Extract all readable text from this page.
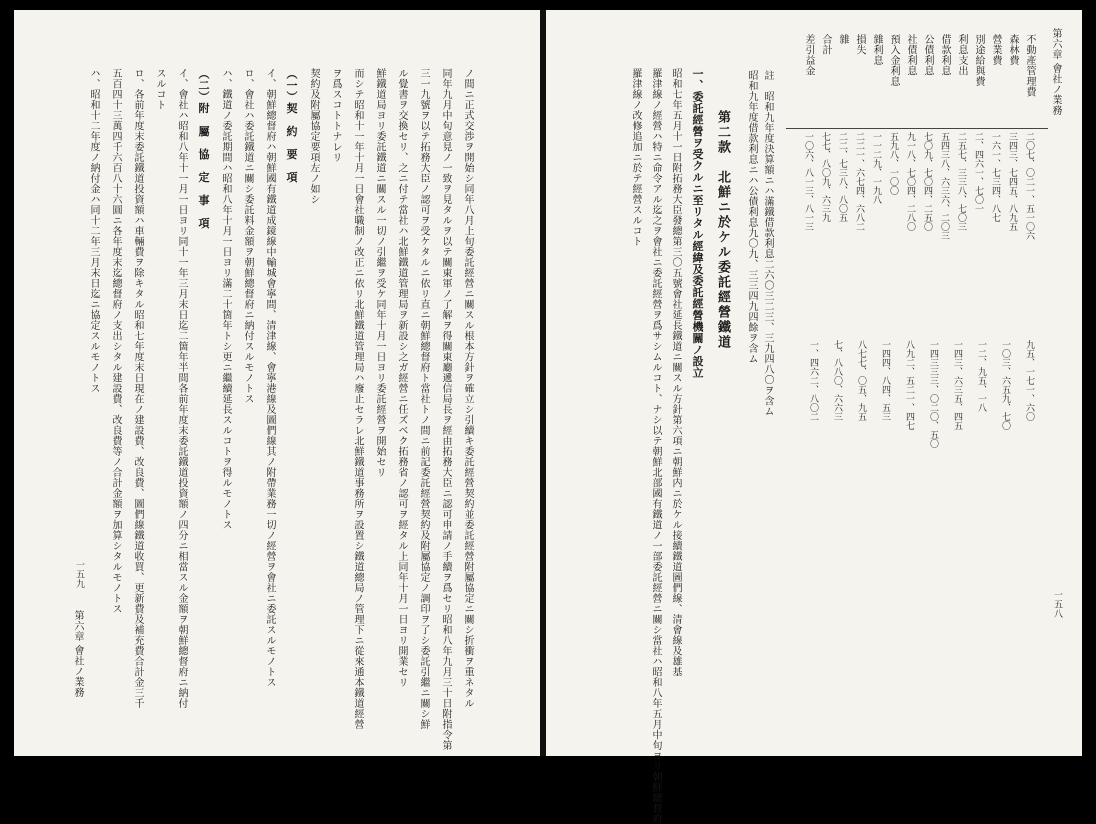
ノ間ニ正式交渉ヲ開始シ同年八月上旬委託經營ニ關スル根本方針ヲ確立シ引續キ委託經營契約並委託經營附屬協定ニ關シ折衝ヲ重ネタル
同年九月中旬意見ノ一致ヲ見タルヲ以テ關東軍ノ了解ヲ得關東廳遞信局長ヲ經由拓務大臣ニ認可申請ノ手續ヲ爲セリ昭和八年九月三十日附指令第
三一九號ヲ以テ拓務大臣ノ認可ヲ受ケタルニ依リ直ニ朝鮮總督府ト當社トノ間ニ前記委託經營契約及附屬協定ノ調印ヲ了シ委託引繼ニ關シ鮮
ル覺書ヲ交換セリ、之ニ付テ當社ハ北鮮鐵道管理局ヲ新設シ之ガ經營ニ任ズベク拓務省ノ認可ヲ經タル上同年十月一日ヨリ開業セリ
鮮鐵道局ヨリ委託鐵道ニ關スル一切ノ引繼ヲ受ケ同年十月一日ヨリ委託經營ヲ開始セリ
而シテ昭和十一年十月一日會社職制ノ改正ニ依リ北鮮鐵道管理局ハ廢止セラレ北鮮鐵道事務所ヲ設置シ鐵道總局ノ管理下ニ從來通本鐵道經營
ヲ爲スコトトナレリ
契約及附屬協定要項左ノ如シ
（一）契　約　要　項
イ、朝鮮總督府ハ朝鮮國有鐵道成鏡線中輸城會寧間、清津線、會寧港線及圖們線其ノ附帶業務一切ノ經營ヲ會社ニ委託スルモノトス
ロ、會社ハ委託鐵道ニ關シ委託料金額ヲ朝鮮總督府ニ納付スルモノトス
ハ、鐵道ノ委託期間ハ昭和八年十月一日ヨリ滿二十箇年トシ更ニ繼續延長スルコトヲ得ルモノトス
（二）附　屬　協　定　事　項
イ、會社ハ昭和八年十一月一日ヨリ同十一年三月末日迄二箇年半間各前年度末委託鐵道投資額ノ四分ニ相當スル金額ヲ朝鮮總督府ニ納付
スルコト
ロ、各前年度末委託鐵道投資額ハ車輛費ヲ除キタル昭和七年度末日現在ノ建設費、改良費、圖們線鐵道收買、更新費及補充費合計金三千
五百四十三萬四千六百八十六圓ニ各年度末迄總督府ノ支出シタル建設費、改良費等ノ合計金額ヲ加算シタルモノトス
ハ、昭和十二年度ノ納付金ハ同十二年三月末日迄ニ協定スルモノトス
第六章 會社ノ業務
一五九
第六章 會社ノ業務
一五八
不動產管理費
二〇七、〇二一、五一〇六
森林費
三四三、七四五、八九五
營業費
一六一、七三四、八七
別途給與費
二、四六一、七〇一
利息支出
二五七、三三八、七〇三
借款利息
五四三八、六三六、二〇三
公債利息
七〇九、七〇四、二五〇
社債利息
九一八、七〇四、二八〇
預入金利息
五九八、一〇〇
雜利息
一一二九、一九八
損失
二二一、六七四、六八二
雜
二二、七三八、八〇五
合計
七七、八〇九、六三九
差引益金
一〇六、八一三、八一三
九五、一七一、六〇
一〇三、六五九、七〇
一二、九五、一八
一四三、六三五、四五
一四三三三、〇二〇、五〇
八九二、五二一、四七
一四四、八四、五三
八七七、〇五、九五
七、八八〇、六六三
一、四六二、八〇二
註　昭和九年度決算額ニハ滿鐵借款利息二六〇三二三、三九四八〇ヲ含ム
昭和九年度借款利息ニハ公債利息九〇九、三三四九四餘ヲ含ム
第二款　北鮮ニ於ケル委託經營鐵道
一、委託經營ヲ受クルニ至リタル經緯及委託經營機關ノ設立
昭和七年五月十一日附拓務大臣發總第三〇五號會社延長鐵道ニ關スル方針第六項ニ朝鮮内ニ於ケル接續鐵道圖們線、清會線及雄基
羅津線ノ經營ハ特ニ命令アル迄之ヲ會社ニ委託經營ヲ爲サシムルコト、ナシ以テ朝鮮北部國有鐵道ノ一部委託經營ニ關シ當社ハ昭和八年五月中旬ヨリ朝鮮總督府
羅津線ノ改修追加ニ於テ經營スルコト
